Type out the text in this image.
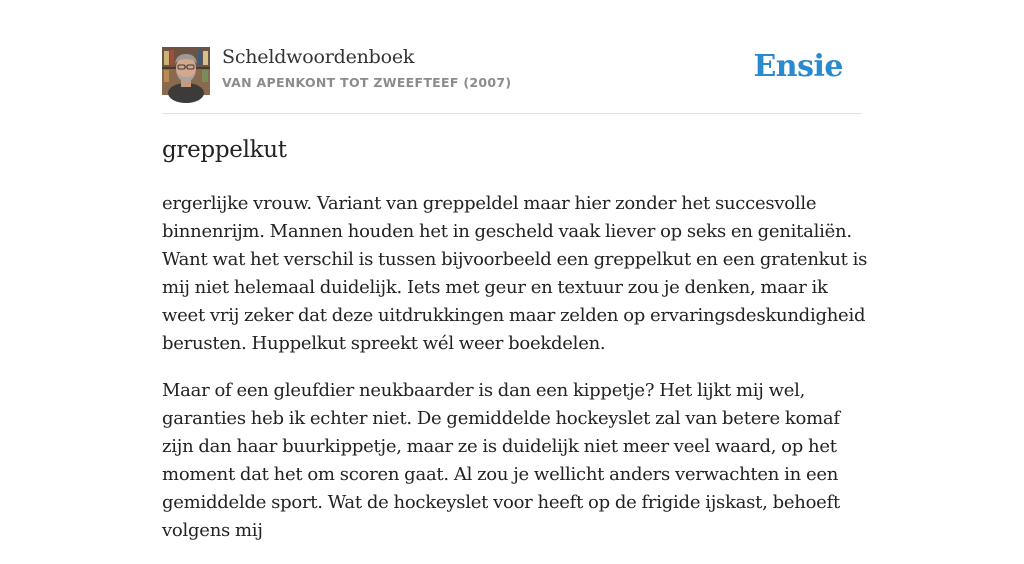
Scheldwoordenboek
VAN APENKONT TOT ZWEEFTEEF (2007)	Ensie
greppelkut

ergerlijke vrouw. Variant van greppeldel maar hier zonder het succesvolle binnenrijm. Mannen houden het in gescheld vaak liever op seks en genitaliën. Want wat het verschil is tussen bijvoorbeeld een greppelkut en een gratenkut is mij niet helemaal duidelijk. Iets met geur en textuur zou je denken, maar ik weet vrij zeker dat deze uitdrukkingen maar zelden op ervaringsdeskundigheid berusten. Huppelkut spreekt wél weer boekdelen.

Maar of een gleufdier neukbaarder is dan een kippetje? Het lijkt mij wel, garanties heb ik echter niet. De gemiddelde hockeyslet zal van betere komaf zijn dan haar buurkippetje, maar ze is duidelijk niet meer veel waard, op het moment dat het om scoren gaat. Al zou je wellicht anders verwachten in een gemiddelde sport. Wat de hockeyslet voor heeft op de frigide ijskast, behoeft volgens mij
